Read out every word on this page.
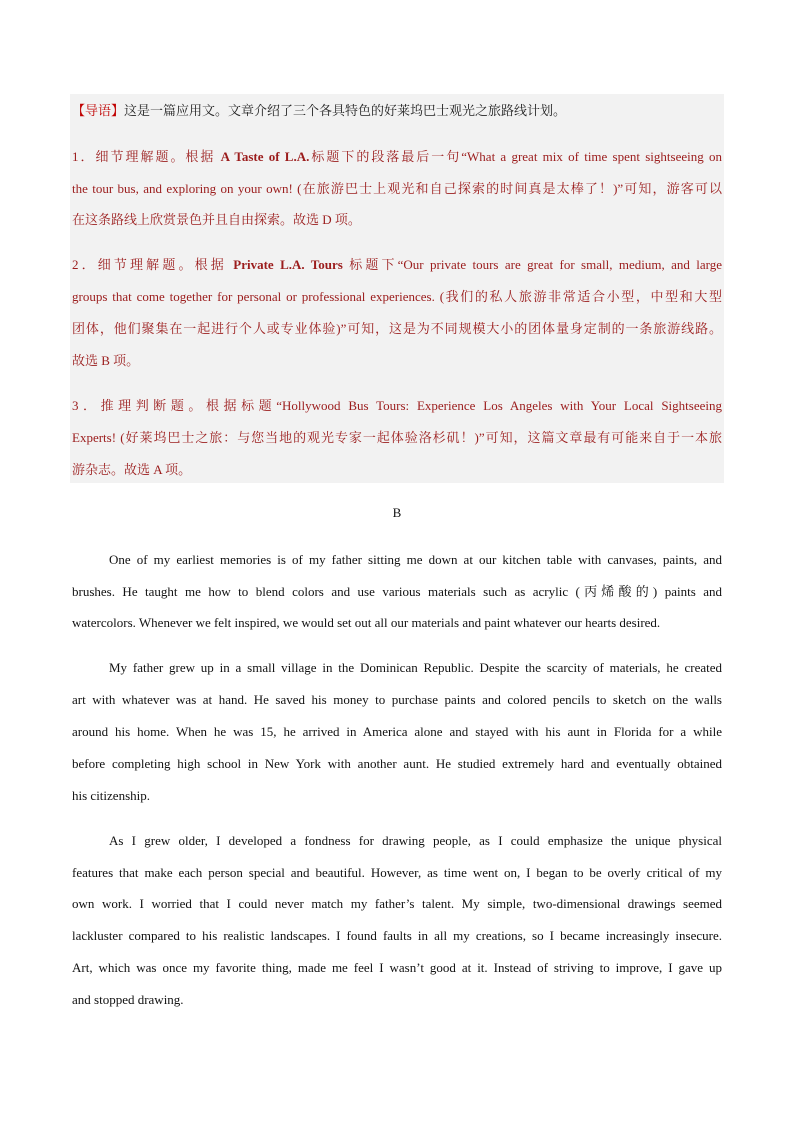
【导语】这是一篇应用文。文章介绍了三个各具特色的好莱坞巴士观光之旅路线计划。
1．细节理解题。根据 A Taste of L.A.标题下的段落最后一句“What a great mix of time spent sightseeing on
the tour bus, and exploring on your own! (在旅游巴士上观光和自己探索的时间真是太棒了！)”可知，游客可以
在这条路线上欣赏景色并且自由探索。故选 D 项。
2．细节理解题。根据 Private L.A. Tours 标题下“Our private tours are great for small, medium, and large
groups that come together for personal or professional experiences. (我们的私人旅游非常适合小型，中型和大型
团体，他们聚集在一起进行个人或专业体验)”可知，这是为不同规模大小的团体量身定制的一条旅游线路。
故选 B 项。
3．推理判断题。根据标题“Hollywood Bus Tours: Experience Los Angeles with Your Local Sightseeing
Experts! (好莱坞巴士之旅：与您当地的观光专家一起体验洛杉矶！)”可知，这篇文章最有可能来自于一本旅
游杂志。故选 A 项。
B
One of my earliest memories is of my father sitting me down at our kitchen table with canvases, paints, and
brushes. He taught me how to blend colors and use various materials such as acrylic (丙烯酸的) paints and
watercolors. Whenever we felt inspired, we would set out all our materials and paint whatever our hearts desired.
My father grew up in a small village in the Dominican Republic. Despite the scarcity of materials, he created
art with whatever was at hand. He saved his money to purchase paints and colored pencils to sketch on the walls
around his home. When he was 15, he arrived in America alone and stayed with his aunt in Florida for a while
before completing high school in New York with another aunt. He studied extremely hard and eventually obtained
his citizenship.
As I grew older, I developed a fondness for drawing people, as I could emphasize the unique physical
features that make each person special and beautiful. However, as time went on, I began to be overly critical of my
own work. I worried that I could never match my father’s talent. My simple, two-dimensional drawings seemed
lackluster compared to his realistic landscapes. I found faults in all my creations, so I became increasingly insecure.
Art, which was once my favorite thing, made me feel I wasn’t good at it. Instead of striving to improve, I gave up
and stopped drawing.
